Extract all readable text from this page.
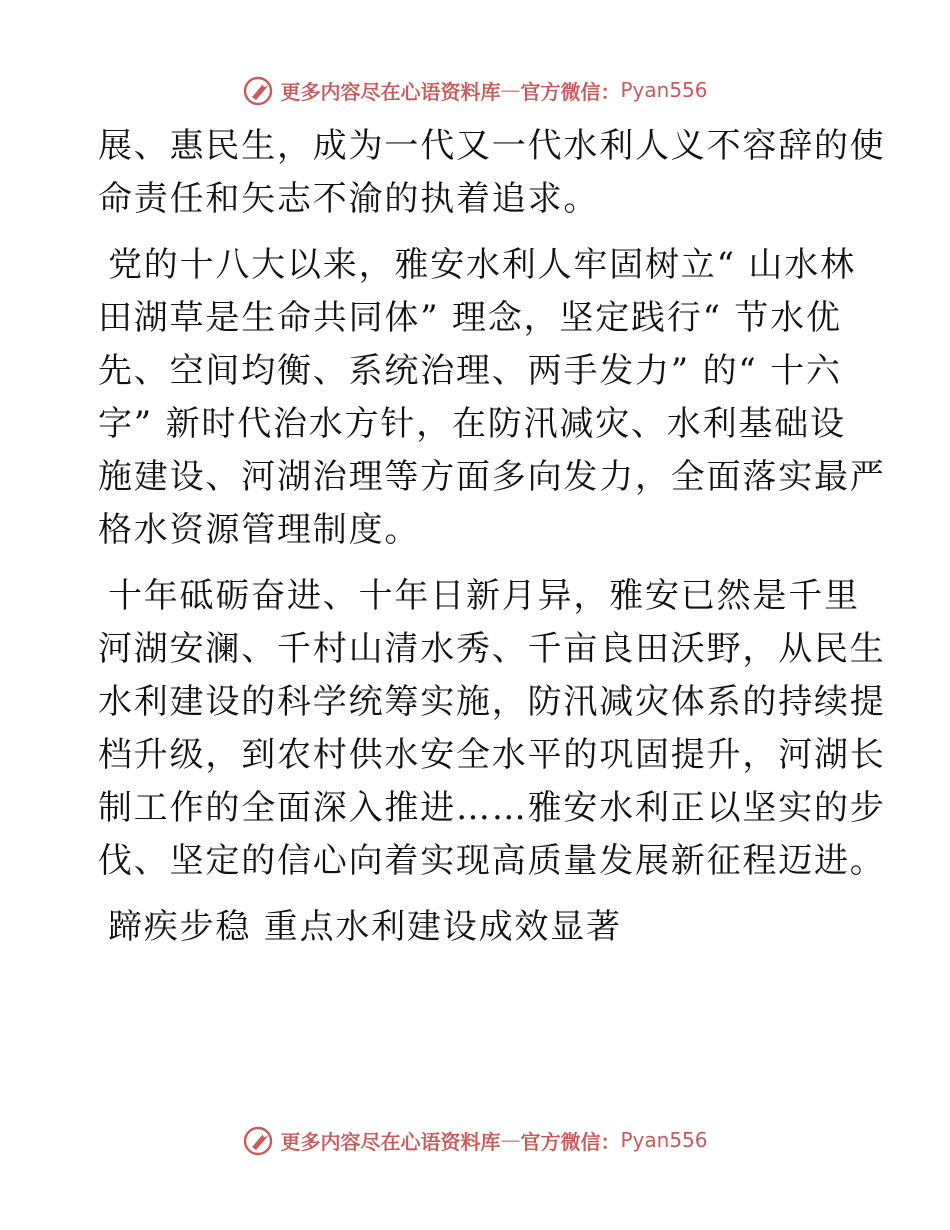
更多内容尽在心语资料库 — 官方微信： Pyan556

展、惠民生，成为一代又一代水利人义不容辞的使
命责任和矢志不渝的执着追求。

党的十八大以来，雅安水利人牢固树立“ 山水林
田湖草是生命共同体” 理念，坚定践行“ 节水优
先、空间均衡、系统治理、两手发力” 的“ 十六
字” 新时代治水方针，在防汛减灾、水利基础设
施建设、河湖治理等方面多向发力，全面落实最严
格水资源管理制度。

十年砥砺奋进、十年日新月异，雅安已然是千里
河湖安澜、千村山清水秀、千亩良田沃野，从民生
水利建设的科学统筹实施，防汛减灾体系的持续提
档升级，到农村供水安全水平的巩固提升，河湖长
制工作的全面深入推进……雅安水利正以坚实的步
伐、坚定的信心向着实现高质量发展新征程迈进。

蹄疾步稳 重点水利建设成效显著

更多内容尽在心语资料库 — 官方微信： Pyan556
